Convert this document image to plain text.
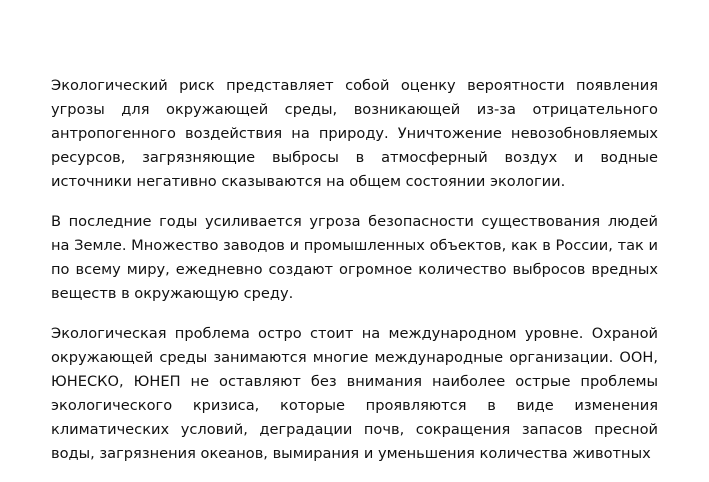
Экологический риск представляет собой оценку вероятности появления угрозы для окружающей среды, возникающей из-за отрицательного антропогенного воздействия на природу. Уничтожение невозобновляемых ресурсов, загрязняющие выбросы в атмосферный воздух и водные источники негативно сказываются на общем состоянии экологии.

В последние годы усиливается угроза безопасности существования людей на Земле. Множество заводов и промышленных объектов, как в России, так и по всему миру, ежедневно создают огромное количество выбросов вредных веществ в окружающую среду.

Экологическая проблема остро стоит на международном уровне. Охраной окружающей среды занимаются многие международные организации. ООН, ЮНЕСКО, ЮНЕП не оставляют без внимания наиболее острые проблемы экологического кризиса, которые проявляются в виде изменения климатических условий, деградации почв, сокращения запасов пресной воды, загрязнения океанов, вымирания и уменьшения количества животных
